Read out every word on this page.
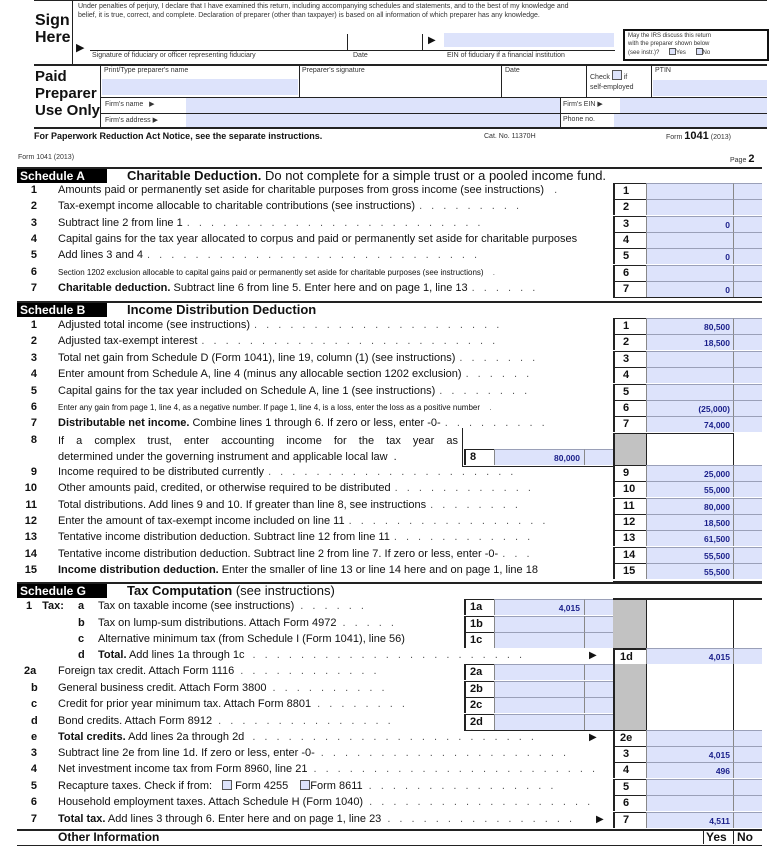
Sign
Here
Under penalties of perjury, I declare that I have examined this return, including accompanying schedules and statements, and to the best of my knowledge and
belief, it is true, correct, and complete. Declaration of preparer (other than taxpayer) is based on all information of which preparer has any knowledge.
▶
▶
Signature of fiduciary or officer representing fiduciary	Date	EIN of fiduciary if a financial institution
May the IRS discuss this return
with the preparer shown below
(see instr.)?	Yes	No
Paid
Preparer
Use Only
Print/Type preparer's name	Preparer's signature	Date
Check if
self-employed
PTIN
Firm's name   ▶	Firm's EIN ▶
Firm's address ▶	Phone no.
For Paperwork Reduction Act Notice, see the separate instructions.	Cat. No. 11370H	Form 1041 (2013)
Form 1041 (2013)	Page 2
Schedule A	Charitable Deduction. Do not complete for a simple trust or a pooled income fund.
1 Amounts paid or permanently set aside for charitable purposes from gross income (see instructions) .	1
2 Tax-exempt income allocable to charitable contributions (see instructions) . . . . . . . . .	2
3 Subtract line 2 from line 1 . . . . . . . . . . . . . . . . . . . . . . . . .	3	0
4 Capital gains for the tax year allocated to corpus and paid or permanently set aside for charitable purposes	4
5 Add lines 3 and 4 . . . . . . . . . . . . . . . . . . . . . . . . . . . .	5	0
6	Section 1202 exclusion allocable to capital gains paid or permanently set aside for charitable purposes (see instructions) .	6
7 Charitable deduction. Subtract line 6 from line 5. Enter here and on page 1, line 13 . . . . . .	7	0
Schedule B	Income Distribution Deduction
1 Adjusted total income (see instructions) . . . . . . . . . . . . . . . . . . . . .	1	80,500
2 Adjusted tax-exempt interest . . . . . . . . . . . . . . . . . . . . . . . . .	2	18,500
3 Total net gain from Schedule D (Form 1041), line 19, column (1) (see instructions) . . . . . . .	3
4 Enter amount from Schedule A, line 4 (minus any allocable section 1202 exclusion) . . . . . .	4
5 Capital gains for the tax year included on Schedule A, line 1 (see instructions) . . . . . . . .	5
6	Enter any gain from page 1, line 4, as a negative number. If page 1, line 4, is a loss, enter the loss as a positive number .	6	(25,000)
7 Distributable net income. Combine lines 1 through 6. If zero or less, enter -0- . . . . . . . . .	7	74,000
8 If a complex trust, enter accounting income for the tax year as
determined under the governing instrument and applicable local law .	8	80,000
9 Income required to be distributed currently . . . . . . . . . . . . . . . . . . . . .	9	25,000
10 Other amounts paid, credited, or otherwise required to be distributed . . . . . . . . . . . .	10	55,000
11 Total distributions. Add lines 9 and 10. If greater than line 8, see instructions . . . . . . . .	11	80,000
12 Enter the amount of tax-exempt income included on line 11 . . . . . . . . . . . . . . . . .	12	18,500
13 Tentative income distribution deduction. Subtract line 12 from line 11 . . . . . . . . . . . .	13	61,500
14 Tentative income distribution deduction. Subtract line 2 from line 7. If zero or less, enter -0- . . .	14	55,500
15 Income distribution deduction. Enter the smaller of line 13 or line 14 here and on page 1, line 18	15	55,500
Schedule G	Tax Computation (see instructions)
1 Tax: a Tax on taxable income (see instructions) . . . . . .	1a	4,015
b Tax on lump-sum distributions. Attach Form 4972 . . . . .	1b
c Alternative minimum tax (from Schedule I (Form 1041), line 56)	1c
d Total. Add lines 1a through 1c . . . . . . . . . . . . . . . . . . . . . . .	▶	1d	4,015
2a Foreign tax credit. Attach Form 1116 . . . . . . . . . . . .	2a
b General business credit. Attach Form 3800 . . . . . . . . . .	2b
c Credit for prior year minimum tax. Attach Form 8801 . . . . . . . .	2c
d Bond credits. Attach Form 8912 . . . . . . . . . . . . . . .	2d
e Total credits. Add lines 2a through 2d . . . . . . . . . . . . . . . . . . . . . . . .	▶	2e
3 Subtract line 2e from line 1d. If zero or less, enter -0- . . . . . . . . . . . . . . . . . . . . .	3	4,015
4 Net investment income tax from Form 8960, line 21 . . . . . . . . . . . . . . . . . . . . . . . .	4	496
5 Recapture taxes. Check if from: Form 4255 Form 8611 . . . . . . . . . . . . . . . .	5
6 Household employment taxes. Attach Schedule H (Form 1040) . . . . . . . . . . . . . . . . . . .	6
7 Total tax. Add lines 3 through 6. Enter here and on page 1, line 23 . . . . . . . . . . . . . . . . ▶	7	4,511
Other Information	Yes No
